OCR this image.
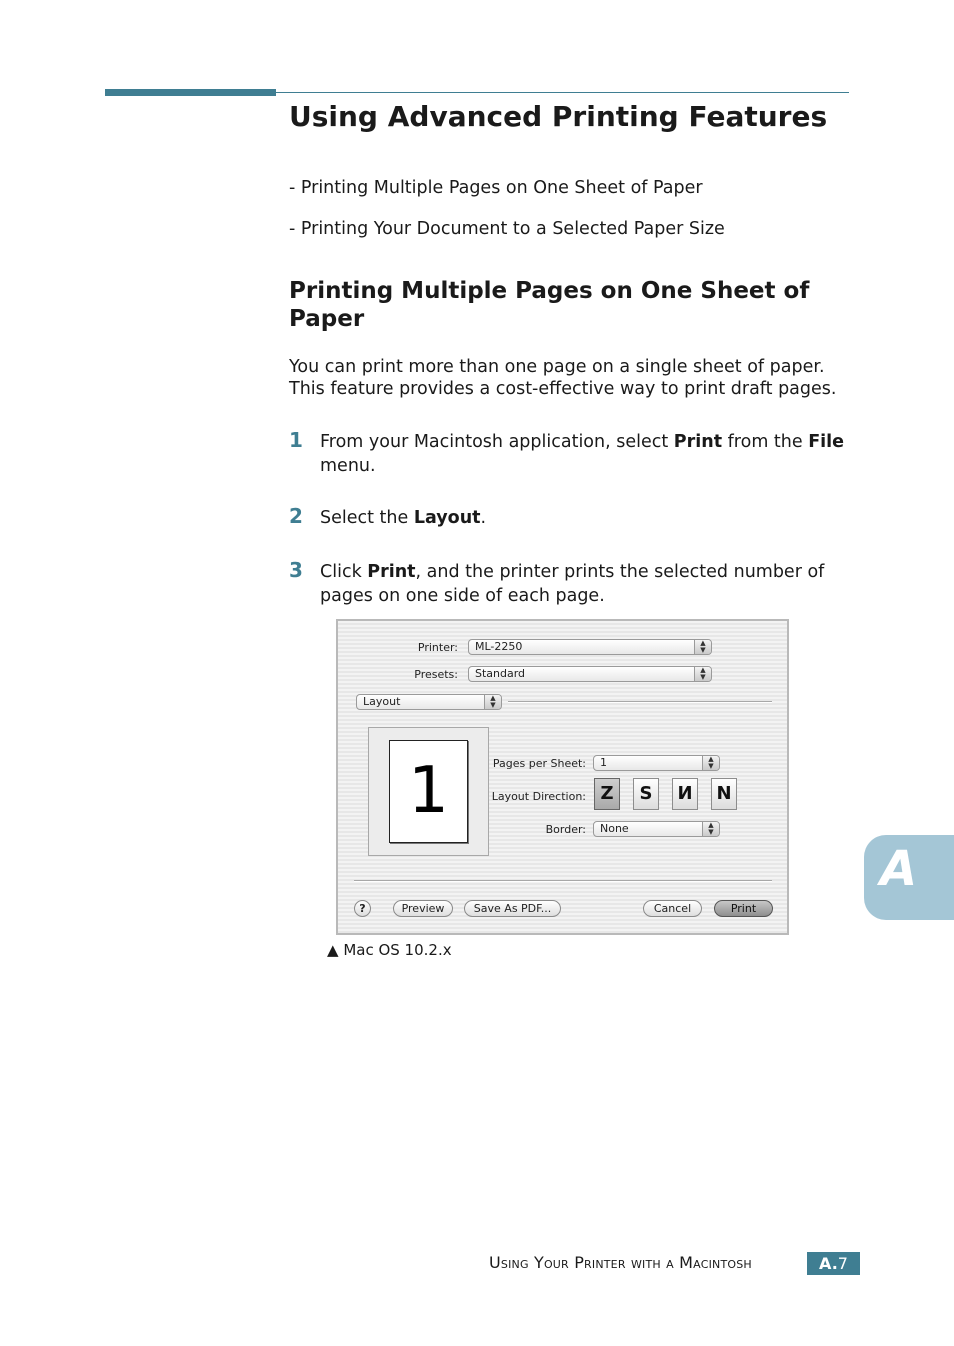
Using Advanced Printing Features
- Printing Multiple Pages on One Sheet of Paper
- Printing Your Document to a Selected Paper Size
Printing Multiple Pages on One Sheet of
Paper
You can print more than one page on a single sheet of paper.
This feature provides a cost-effective way to print draft pages.
1 From your Macintosh application, select Print from the File
menu.
2 Select the Layout.
3 Click Print, and the printer prints the selected number of
pages on one side of each page.
Printer:	ML-2250	▲
▼
Presets:	Standard	▲
▼
Layout	▲
▼
1	Pages per Sheet:	1	▲
▼
Layout Direction: Z	S	И	N
Border:	None	▲
▼
?	Preview	Save As PDF...	Cancel	Print
▲ Mac OS 10.2.x
A
Using Your Printer with a Macintosh	A.7
